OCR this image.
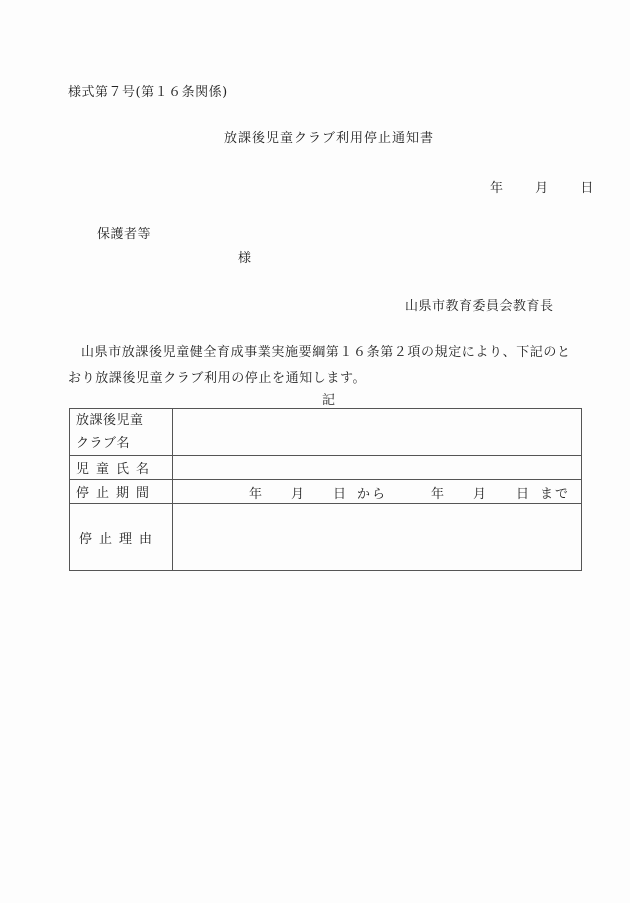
様式第７号(第１６条関係)
放課後児童クラブ利用停止通知書
年 月 日
保護者等
様
山県市教育委員会教育長
山県市放課後児童健全育成事業実施要綱第１６条第２項の規定により、下記のとおり放課後児童クラブ利用の停止を通知します。
記
放課後児童
クラブ名	

児童氏名	
停止期間	年 月 日 から	年 月 日 まで

停止理由	
